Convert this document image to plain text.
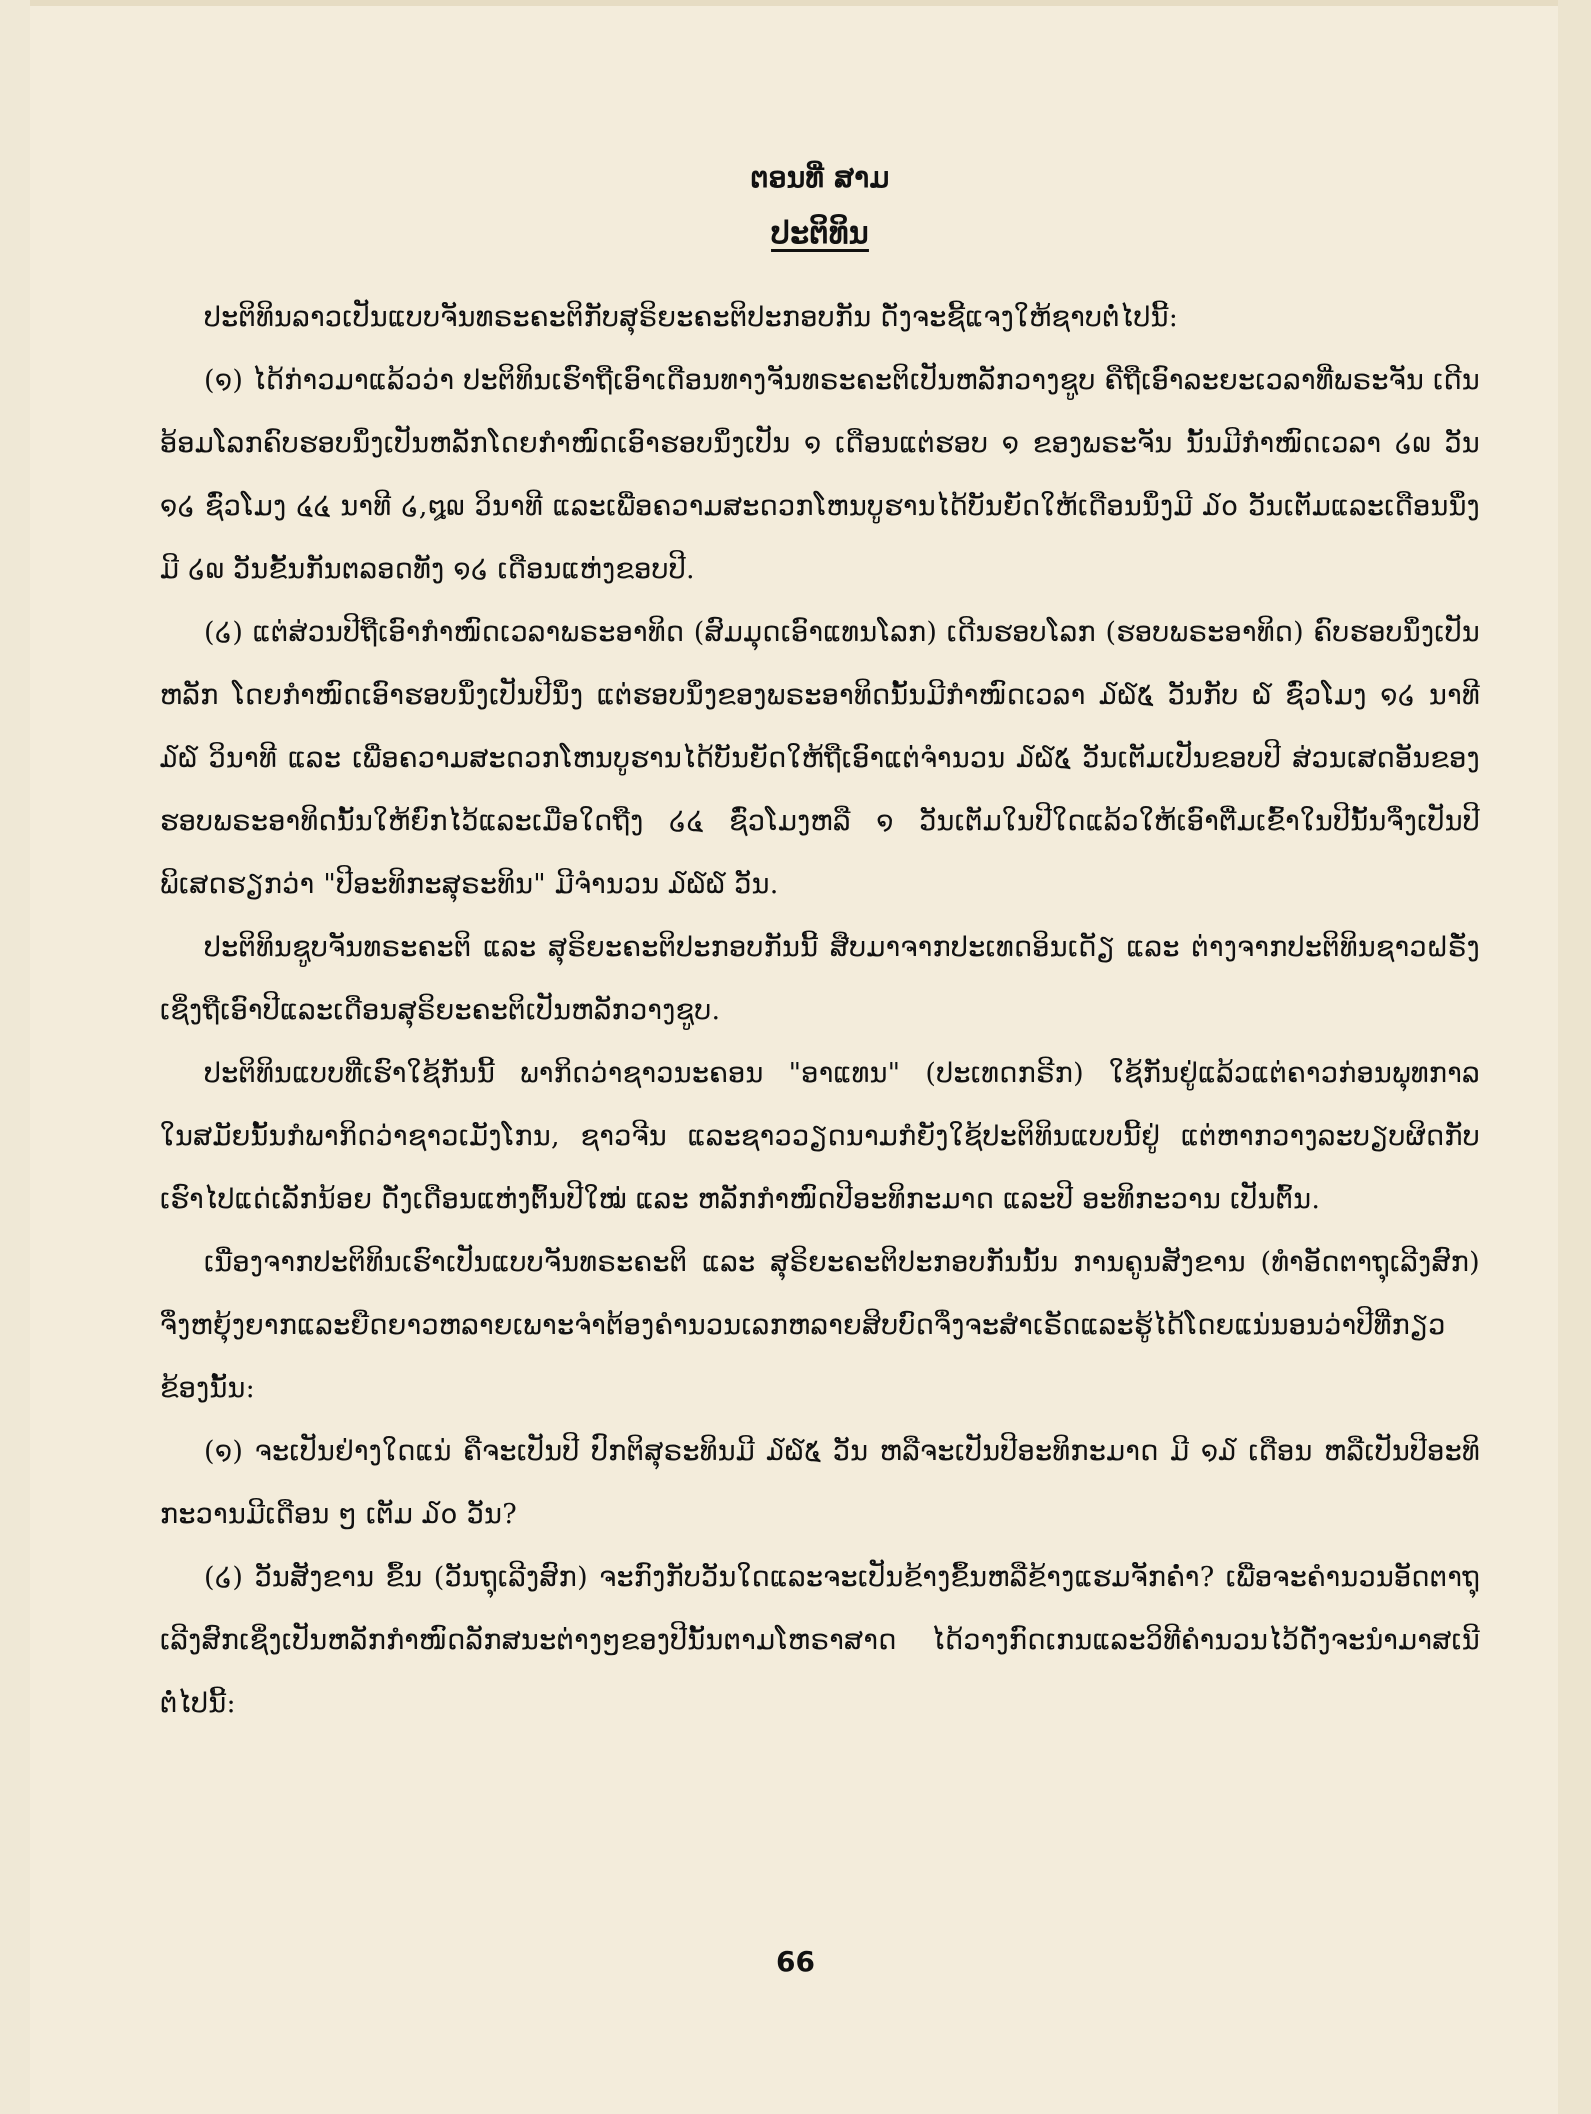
ຕອນທີ່ ສາມ
ປະຕິທິນ

ປະຕິທິນລາວເປັນແບບຈັນທຣະຄະຕິກັບສຸຣິຍະຄະຕິປະກອບກັນ ດັ່ງຈະຊີ້ແຈງໃຫ້ຊາບຕໍ່ໄປນີ້:

(໑) ໄດ້ກ່າວມາແລ້ວວ່າ ປະຕິທິນເຮົາຖືເອົາເດືອນທາງຈັນທຣະຄະຕິເປັນຫລັກວາງຊູບ ຄືຖືເອົາລະຍະເວລາທີ່ພຣະຈັນ ເດີນອ້ອມໂລກຄົບຮອບນຶ່ງເປັນຫລັກໂດຍກຳໜົດເອົາຮອບນຶ່ງເປັນ ໑ ເດືອນແຕ່ຮອບ ໑ ຂອງພຣະຈັນ ນັ້ນມີກຳໜົດເວລາ ໒໙ ວັນ ໑໒ ຊົ່ວໂມງ ໔໔ ນາທີ ໒,໘໙ ວິນາທີ ແລະເພື່ອຄວາມສະດວກໂຫນບູຮານໄດ້ບັນຍັດໃຫ້ເດືອນນຶ່ງມີ ໓໐ ວັນເຕັມແລະເດືອນນຶ່ງມີ ໒໙ ວັນຂັ້ນກັນຕລອດທັງ ໑໒ ເດືອນແຫ່ງຂອບປີ.

(໒) ແຕ່ສ່ວນປີຖືເອົາກຳໜົດເວລາພຣະອາທິດ (ສົມມຸດເອົາແທນໂລກ) ເດີນຮອບໂລກ (ຮອບພຣະອາທິດ) ຄົບຮອບນຶ່ງເປັນຫລັກ ໂດຍກຳໜົດເອົາຮອບນຶ່ງເປັນປີນຶ່ງ ແຕ່ຮອບນຶ່ງຂອງພຣະອາທິດນັ້ນມີກຳໜົດເວລາ ໓໖໕ ວັນກັບ ໖ ຊົ່ວໂມງ ໑໒ ນາທີ ໓໖ ວິນາທີ ແລະ ເພື່ອຄວາມສະດວກໂຫນບູຮານໄດ້ບັນຍັດໃຫ້ຖືເອົາແຕ່ຈຳນວນ ໓໖໕ ວັນເຕັມເປັນຂອບປີ ສ່ວນເສດອັນຂອງຮອບພຣະອາທິດນັ້ນໃຫ້ຍົກໄວ້ແລະເມື່ອໃດຖືງ ໒໔ ຊົ່ວໂມງຫລື ໑ ວັນເຕັມໃນປີໃດແລ້ວໃຫ້ເອົາຕື່ມເຂົ້າໃນປີນັ້ນຈຶ່ງເປັນປີພິເສດຮຽກວ່າ "ປີອະທິກະສຸຣະທິນ" ມີຈຳນວນ ໓໖໖ ວັນ.

ປະຕິທິນຊູບຈັນທຣະຄະຕິ ແລະ ສຸຣິຍະຄະຕິປະກອບກັນນີ້ ສືບມາຈາກປະເທດອິນເດັຽ ແລະ ຕ່າງຈາກປະຕິທິນຊາວຝຣັ່ງ ເຊິ່ງຖືເອົາປີແລະເດືອນສຸຣິຍະຄະຕິເປັນຫລັກວາງຊູບ.

ປະຕິທິນແບບທີ່ເຮົາໃຊ້ກັນນີ້ ພາກິດວ່າຊາວນະຄອນ "ອາແທນ" (ປະເທດກຣີກ) ໃຊ້ກັນຢູ່ແລ້ວແຕ່ຄາວກ່ອນພຸທກາລ ໃນສມັຍນັ້ນກໍພາກິດວ່າຊາວເມັງໂກນ, ຊາວຈີນ ແລະຊາວວຽດນາມກໍຍັງໃຊ້ປະຕິທິນແບບນີ້ຢູ່ ແຕ່ຫາກວາງລະບຽບຜິດກັບເຮົາໄປແດ່ເລັກນ້ອຍ ດັ່ງເດືອນແຫ່ງຕົ້ນປີໃໝ່ ແລະ ຫລັກກຳໜົດປີອະທິກະມາດ ແລະປີ ອະທິກະວານ ເປັນຕົ້ນ.

ເນື່ອງຈາກປະຕິທິນເຮົາເປັນແບບຈັນທຣະຄະຕິ ແລະ ສຸຣິຍະຄະຕິປະກອບກັນນັ້ນ ການຄູນສັງຂານ (ທຳອັດຕາຖຸເລີງສົກ) ຈຶ່ງຫຍຸ້ງຍາກແລະຍືດຍາວຫລາຍເພາະຈຳຕ້ອງຄຳນວນເລກຫລາຍສິບບົດຈຶ່ງຈະສຳເຣັດແລະຮູ້ໄດ້ໂດຍແນ່ນອນວ່າປີທີ່ກຽວຂ້ອງນັ້ນ:

(໑) ຈະເປັນຢ່າງໃດແນ່ ຄືຈະເປັນປີ ປົກຕິສຸຣະທິນມີ ໓໖໕ ວັນ ຫລືຈະເປັນປີອະທິກະມາດ ມີ ໑໓ ເດືອນ ຫລືເປັນປີອະທິກະວານມີເດືອນ ໆ ເຕັມ ໓໐ ວັນ?

(໒) ວັນສັງຂານ ຂຶ້ນ (ວັນຖຸເລີງສົກ) ຈະກົງກັບວັນໃດແລະຈະເປັນຂ້າງຂຶ້ນຫລືຂ້າງແຮມຈັກຄ່ຳ? ເພື່ອຈະຄຳນວນອັດຕາຖຸເລີງສົກເຊິ່ງເປັນຫລັກກຳໜົດລັກສນະຕ່າງໆຂອງປີນັ້ນຕາມໂຫຣາສາດ ໄດ້ວາງກົດເກນແລະວິທີຄຳນວນໄວ້ດັ່ງຈະນຳມາສເນີຕໍ່ໄປນີ້:

66
